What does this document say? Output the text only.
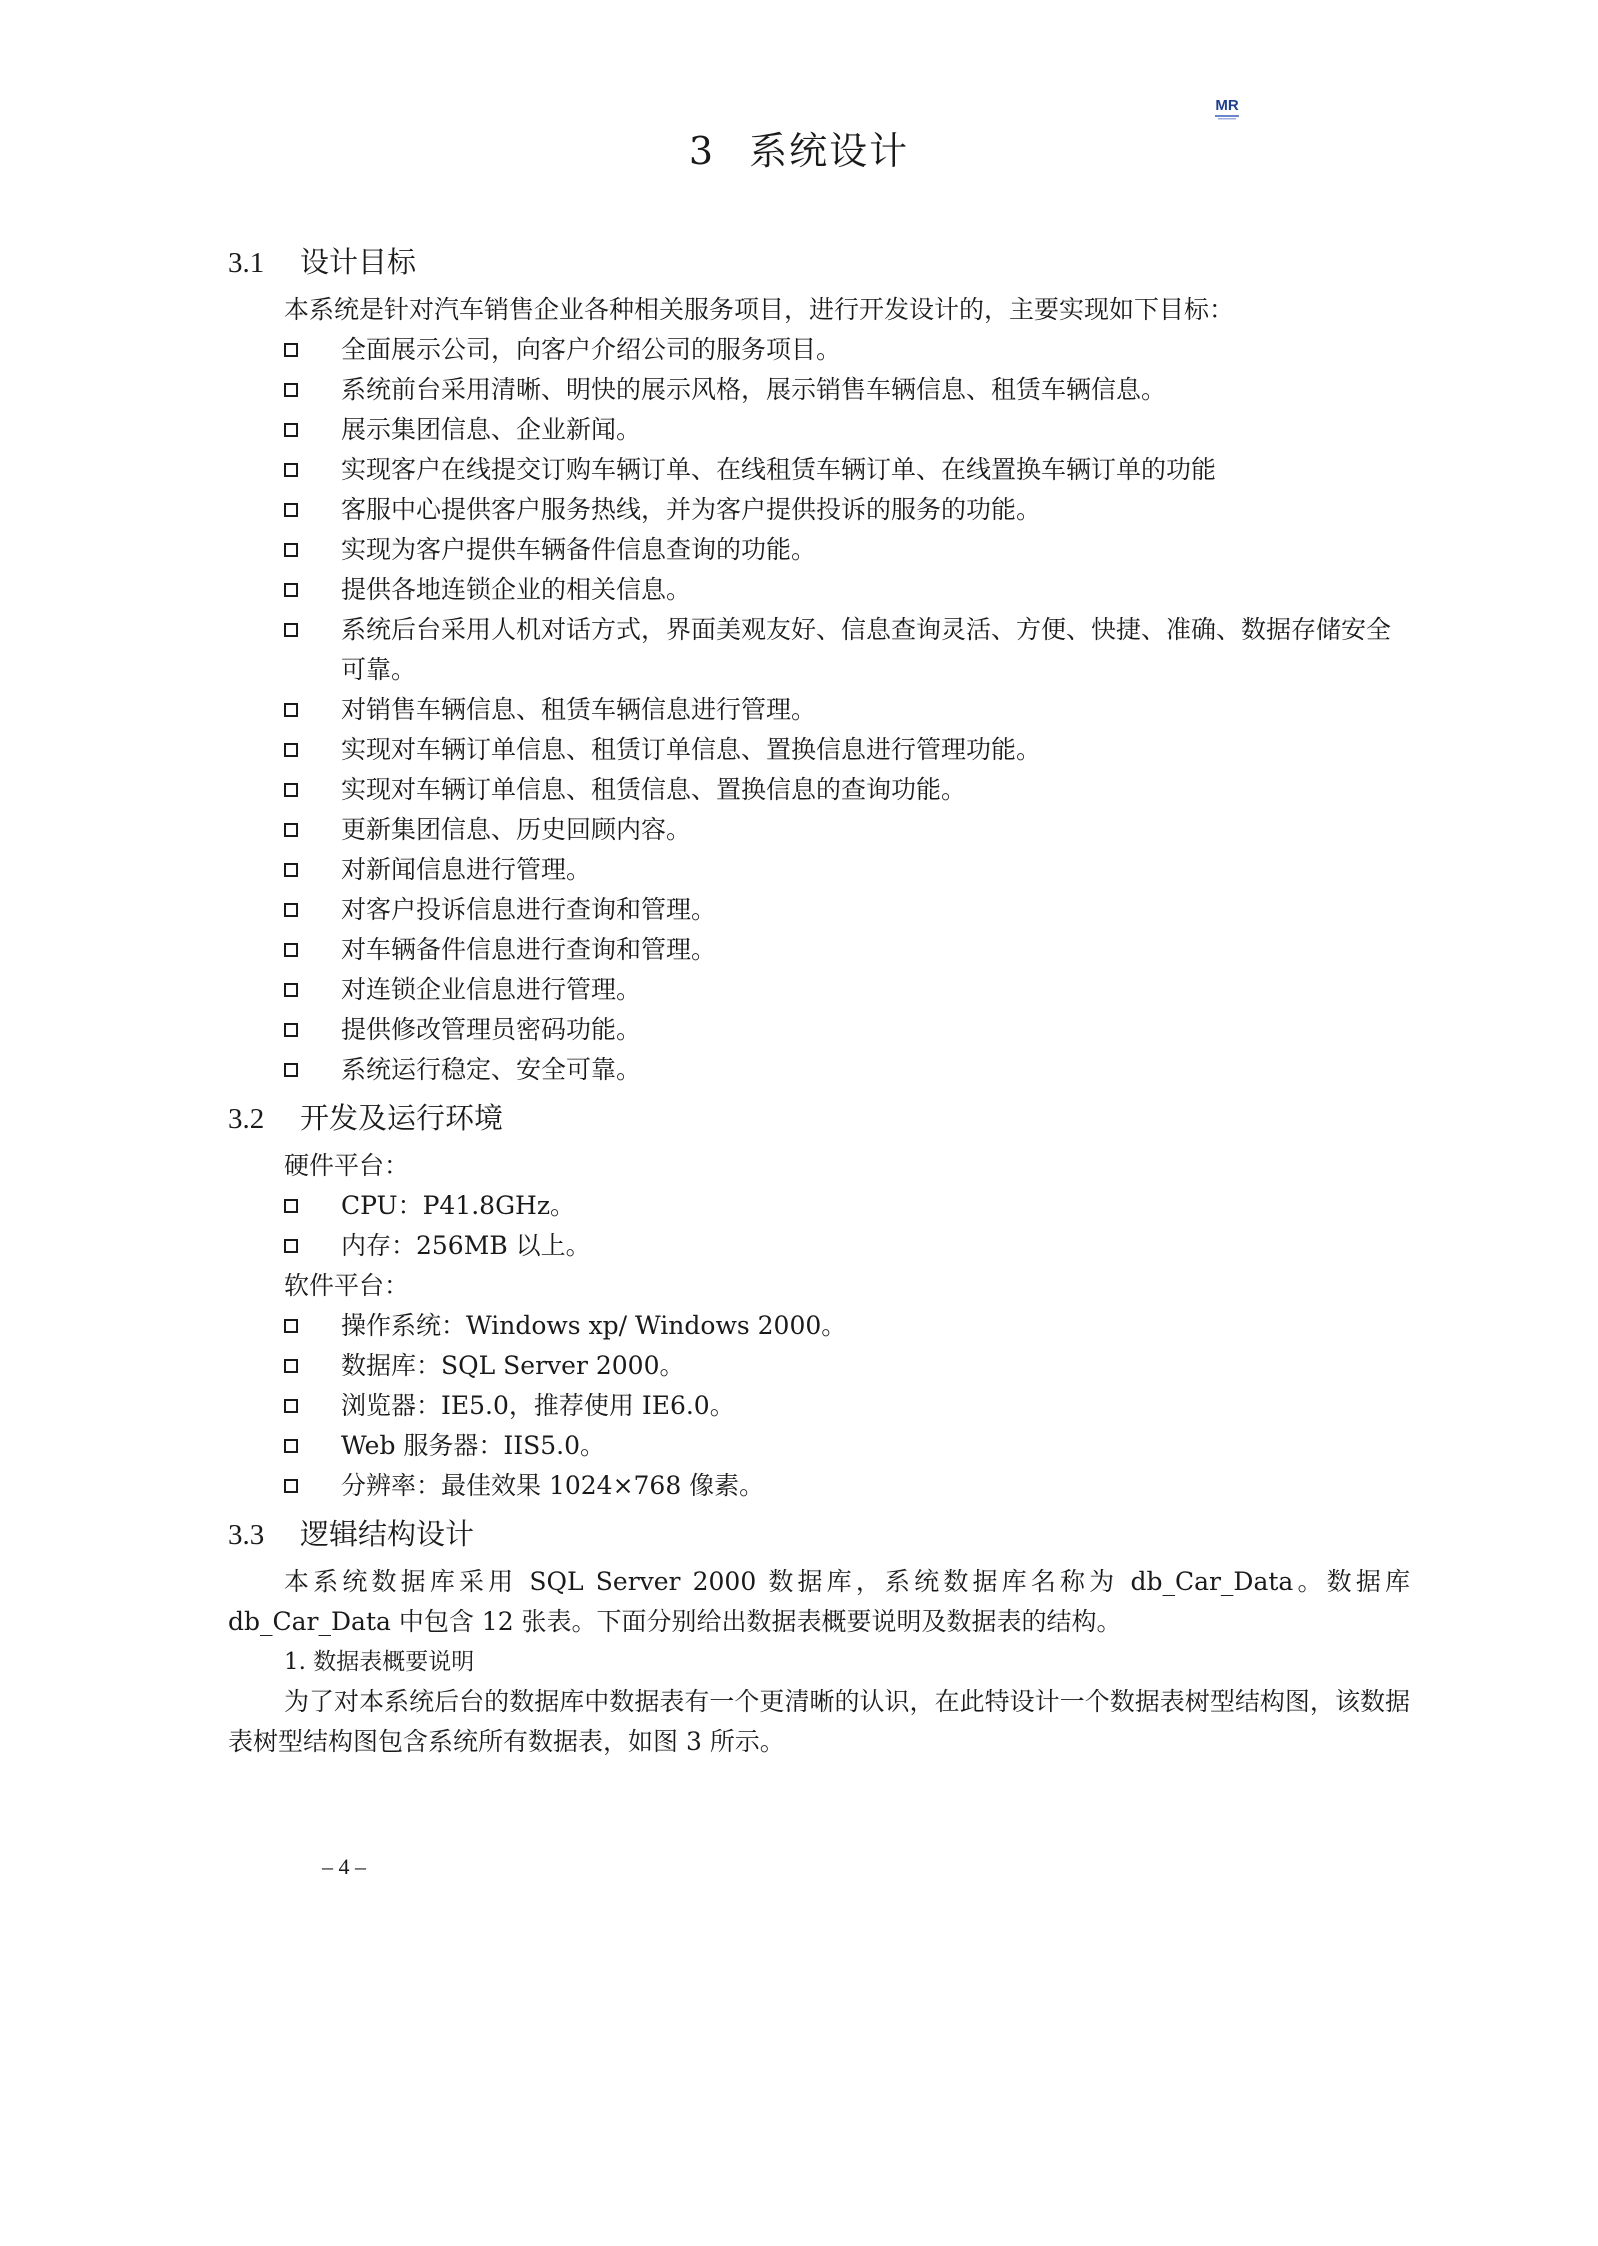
MR
3 系统设计
3.1 设计目标

本系统是针对汽车销售企业各种相关服务项目，进行开发设计的，主要实现如下目标：

全面展示公司，向客户介绍公司的服务项目。
系统前台采用清晰、明快的展示风格，展示销售车辆信息、租赁车辆信息。
展示集团信息、企业新闻。
实现客户在线提交订购车辆订单、在线租赁车辆订单、在线置换车辆订单的功能
客服中心提供客户服务热线，并为客户提供投诉的服务的功能。
实现为客户提供车辆备件信息查询的功能。
提供各地连锁企业的相关信息。
系统后台采用人机对话方式，界面美观友好、信息查询灵活、方便、快捷、准确、数据存储安全可靠。
对销售车辆信息、租赁车辆信息进行管理。
实现对车辆订单信息、租赁订单信息、置换信息进行管理功能。
实现对车辆订单信息、租赁信息、置换信息的查询功能。
更新集团信息、历史回顾内容。
对新闻信息进行管理。
对客户投诉信息进行查询和管理。
对车辆备件信息进行查询和管理。
对连锁企业信息进行管理。
提供修改管理员密码功能。
系统运行稳定、安全可靠。
3.2 开发及运行环境

硬件平台：

CPU：P41.8GHz。
内存：256MB 以上。

软件平台：

操作系统：Windows xp/ Windows 2000。
数据库：SQL Server 2000。
浏览器：IE5.0，推荐使用 IE6.0。
Web 服务器：IIS5.0。
分辨率：最佳效果 1024×768 像素。
3.3 逻辑结构设计

本系统数据库采用 SQL Server 2000 数据库，系统数据库名称为 db_Car_Data。数据库 db_Car_Data 中包含 12 张表。下面分别给出数据表概要说明及数据表的结构。

1. 数据表概要说明

为了对本系统后台的数据库中数据表有一个更清晰的认识，在此特设计一个数据表树型结构图，该数据表树型结构图包含系统所有数据表，如图 3 所示。

– 4 –
